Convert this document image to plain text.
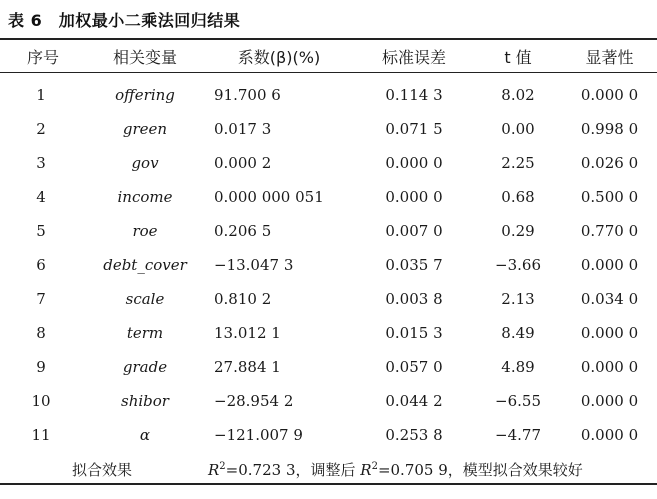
表 6　加权最小二乘法回归结果
序号	相关变量	系数(β)(%)	标准误差	t 值	显著性

1	offering	91.700 6	0.114 3	8.02	0.000 0
2	green	0.017 3	0.071 5	0.00	0.998 0
3	gov	0.000 2	0.000 0	2.25	0.026 0
4	income	0.000 000 051	0.000 0	0.68	0.500 0
5	roe	0.206 5	0.007 0	0.29	0.770 0
6	debt_cover	−13.047 3	0.035 7	−3.66	0.000 0
7	scale	0.810 2	0.003 8	2.13	0.034 0
8	term	13.012 1	0.015 3	8.49	0.000 0
9	grade	27.884 1	0.057 0	4.89	0.000 0
10	shibor	−28.954 2	0.044 2	−6.55	0.000 0
11	α	−121.007 9	0.253 8	−4.77	0.000 0
拟合效果		$R^2=0.723$ 3，调整后 $R^2=0.705$ 9，模型拟合效果较好			
